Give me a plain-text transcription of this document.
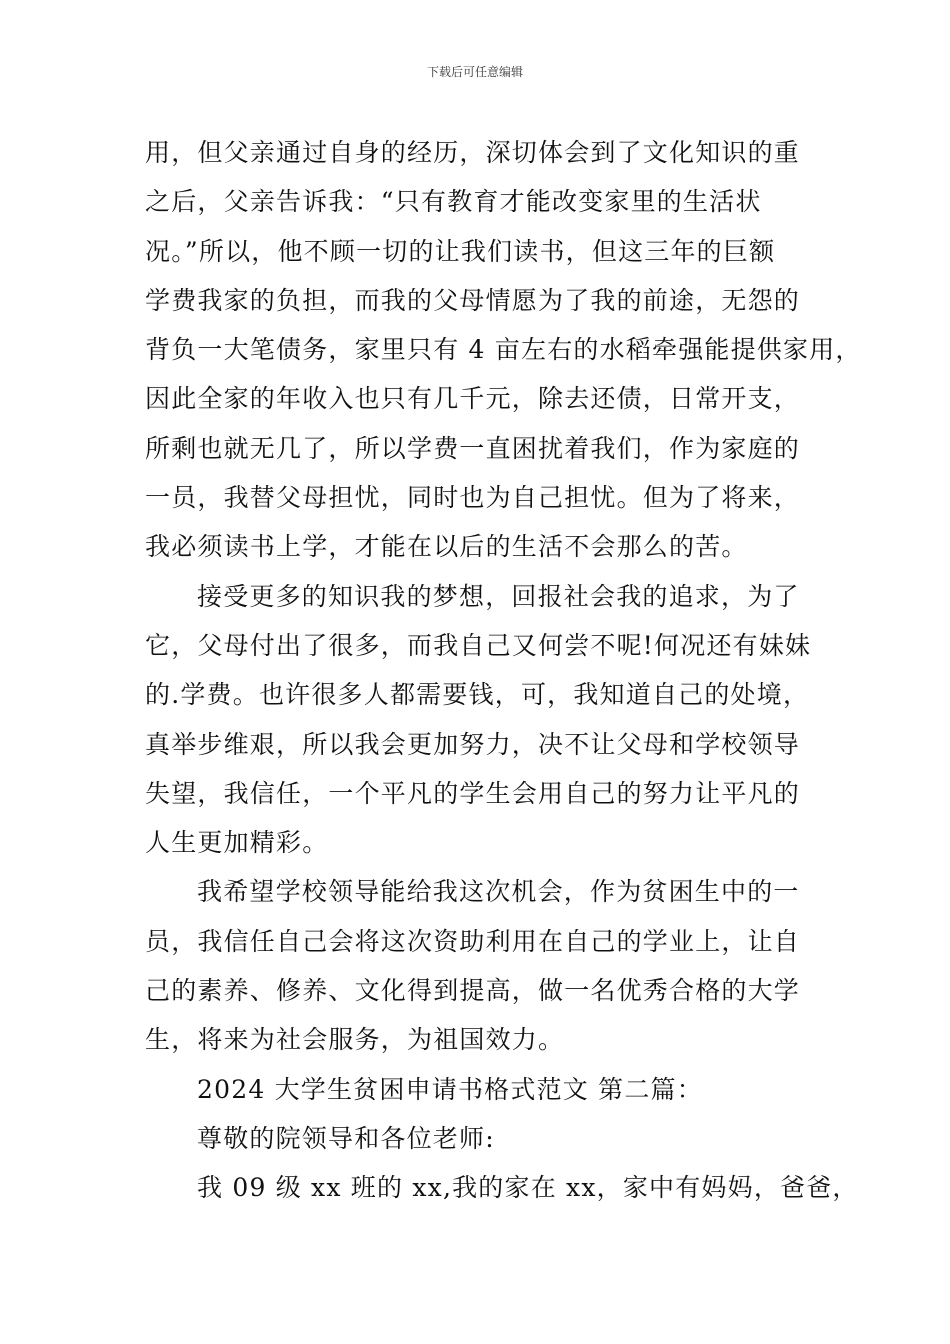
下载后可任意编辑
用，但父亲通过自身的经历，深切体会到了文化知识的重
之后，父亲告诉我：“只有教育才能改变家里的生活状
况。”所以，他不顾一切的让我们读书，但这三年的巨额
学费我家的负担，而我的父母情愿为了我的前途，无怨的
背负一大笔债务，家里只有 4 亩左右的水稻牵强能提供家用，
因此全家的年收入也只有几千元，除去还债，日常开支，
所剩也就无几了，所以学费一直困扰着我们，作为家庭的
一员，我替父母担忧，同时也为自己担忧。但为了将来，
我必须读书上学，才能在以后的生活不会那么的苦。
接受更多的知识我的梦想，回报社会我的追求，为了
它，父母付出了很多，而我自己又何尝不呢!何况还有妹妹
的.学费。也许很多人都需要钱，可，我知道自己的处境，
真举步维艰，所以我会更加努力，决不让父母和学校领导
失望，我信任，一个平凡的学生会用自己的努力让平凡的
人生更加精彩。
我希望学校领导能给我这次机会，作为贫困生中的一
员，我信任自己会将这次资助利用在自己的学业上，让自
己的素养、修养、文化得到提高，做一名优秀合格的大学
生，将来为社会服务，为祖国效力。
2024 大学生贫困申请书格式范文 第二篇：
尊敬的院领导和各位老师:
我 09 级 xx 班的 xx,我的家在 xx，家中有妈妈，爸爸，
